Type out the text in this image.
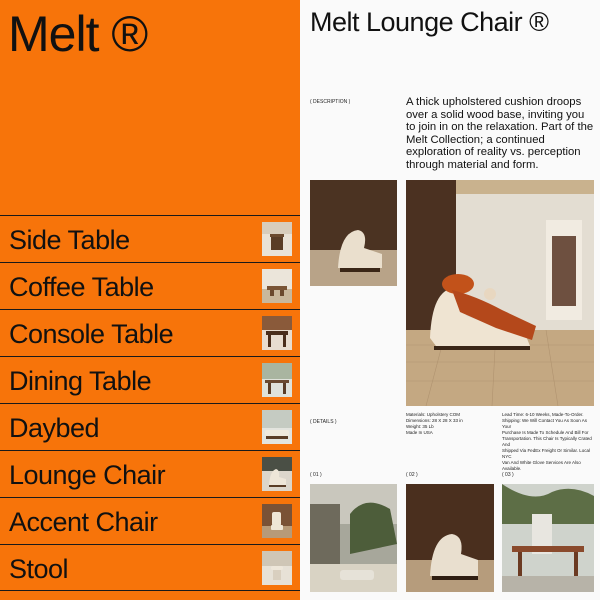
Melt ®
Side Table
Coffee Table
Console Table
Dining Table
Daybed
Lounge Chair
Accent Chair
Stool
Melt Lounge Chair ®
( DESCRIPTION )	A thick upholstered cushion droops over a solid wood base, inviting you to join in on the relaxation. Part of the Melt Collection; a continued exploration of reality vs. perception through material and form.

( DETAILS )
Materials: Upholstery COM
Dimensions: 28 X 28 X 33 in
Weight: 35 Lb
Made In USA
Lead Time: 6-10 Weeks, Made-To-Order.
Shipping: We Will Contact You As Soon As Your
Purchase Is Made To Schedule And Bill For
Transportation. This Chair Is Typically Crated And
Shipped Via FedEx Freight Or Similar. Local NYC
Van And White Glove Services Are Also Available.
( 01 )	( 02 )	( 03 )
